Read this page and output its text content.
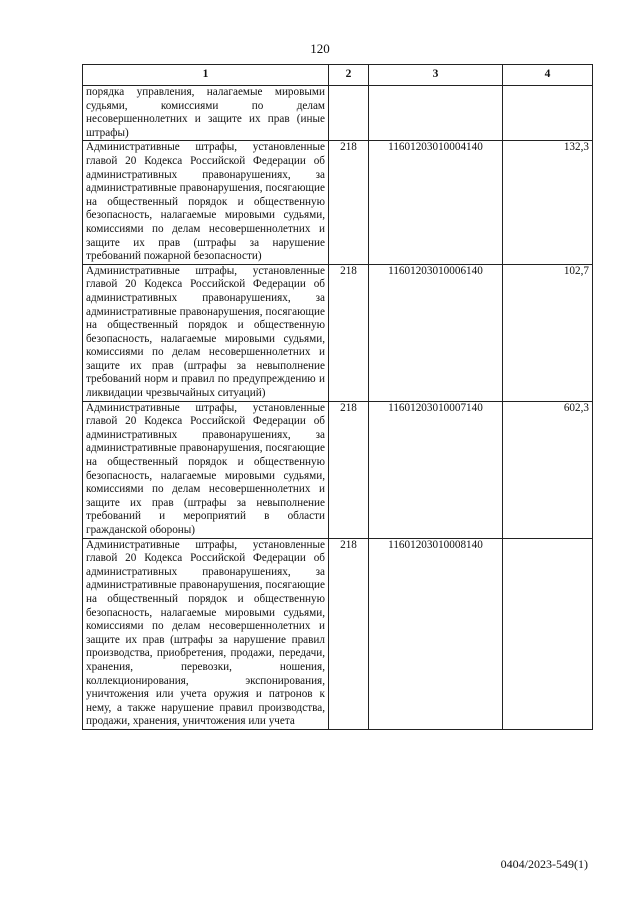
120
1	2	3	4
порядка управления, налагаемые мировыми судьями, комиссиями по делам несовершеннолетних и защите их прав (иные штрафы)			
Административные штрафы, установленные главой 20 Кодекса Российской Федерации об административных правонарушениях, за административные правонарушения, посягающие на общественный порядок и общественную безопасность, налагаемые мировыми судьями, комиссиями по делам несовершеннолетних и защите их прав (штрафы за нарушение требований пожарной безопасности)	218	11601203010004140	132,3
Административные штрафы, установленные главой 20 Кодекса Российской Федерации об административных правонарушениях, за административные правонарушения, посягающие на общественный порядок и общественную безопасность, налагаемые мировыми судьями, комиссиями по делам несовершеннолетних и защите их прав (штрафы за невыполнение требований норм и правил по предупреждению и ликвидации чрезвычайных ситуаций)	218	11601203010006140	102,7
Административные штрафы, установленные главой 20 Кодекса Российской Федерации об административных правонарушениях, за административные правонарушения, посягающие на общественный порядок и общественную безопасность, налагаемые мировыми судьями, комиссиями по делам несовершеннолетних и защите их прав (штрафы за невыполнение требований и мероприятий в области гражданской обороны)	218	11601203010007140	602,3
Административные штрафы, установленные главой 20 Кодекса Российской Федерации об административных правонарушениях, за административные правонарушения, посягающие на общественный порядок и общественную безопасность, налагаемые мировыми судьями, комиссиями по делам несовершеннолетних и защите их прав (штрафы за нарушение правил производства, приобретения, продажи, передачи, хранения, перевозки, ношения, коллекционирования, экспонирования, уничтожения или учета оружия и патронов к нему, а также нарушение правил производства, продажи, хранения, уничтожения или учета	218	11601203010008140	
0404/2023-549(1)
